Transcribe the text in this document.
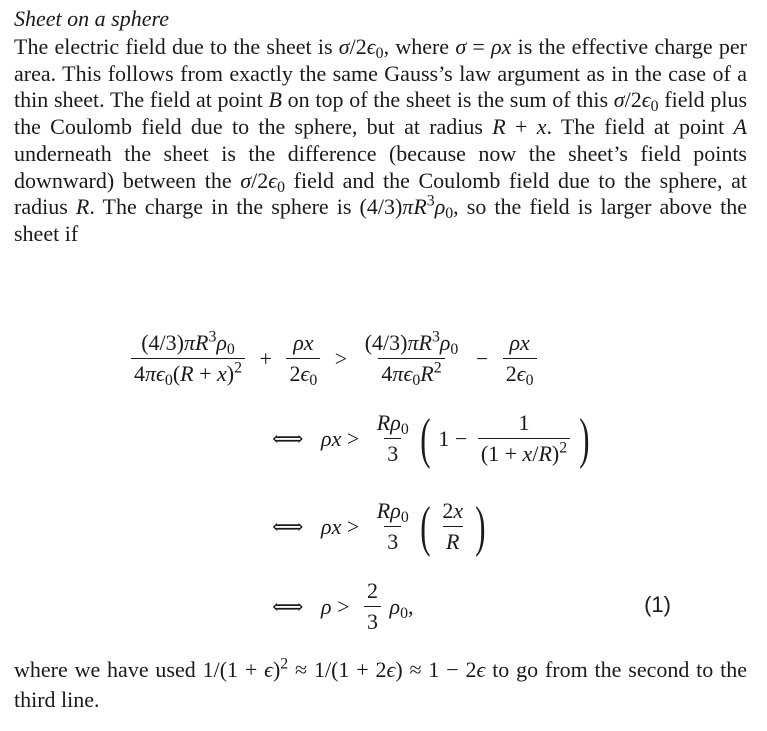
Sheet on a sphere

The electric field due to the sheet is $\sigma/2\epsilon_0$, where σ = ρx is the effective charge per area. This follows from exactly the same Gauss’s law argument as in the case of a thin sheet. The field at point B on top of the sheet is the sum of this $\sigma/2\epsilon_0$ field plus the Coulomb field due to the sphere, but at radius R + x. The field at point A underneath the sheet is the difference (because now the sheet’s field points downward) between the $\sigma/2\epsilon_0$ field and the Coulomb field due to the sphere, at radius R. The charge in the sphere is $(4/3)\pi R^3\rho_0$, so the field is larger above the sheet if

$\frac{(4/3)\pi R^3\rho_0}{4\pi\epsilon_0(R + x)^2} + \frac{\rho x}{2\epsilon_0} > \frac{(4/3)\pi R^3\rho_0}{4\pi\epsilon_0R^2} - \frac{\rho x}{2\epsilon_0}$
⟺ $\rho x > \frac{R\rho_0}{3}$ ( $1 - \frac{1}{(1 + x/R)^2}$ )
⟺ $\rho x > \frac{R\rho_0}{3}$ ( $\frac{2x}{R}$ )
⟺ $\rho > \frac{2}{3} \rho_0$,	(1)

where we have used $1/(1 + \epsilon)^2 \approx 1/(1 + 2\epsilon) \approx 1 - 2\epsilon$ to go from the second to the third line.
